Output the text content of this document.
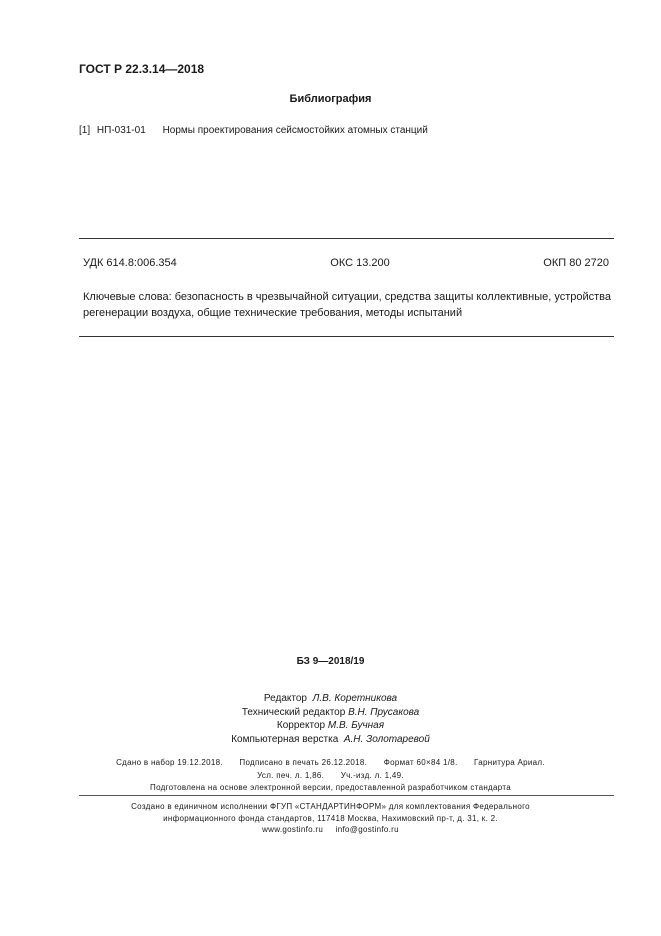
ГОСТ Р 22.3.14—2018
Библиография
[1] НП-031-01 Нормы проектирования сейсмостойких атомных станций
УДК 614.8:006.354	ОКС 13.200	ОКП 80 2720
Ключевые слова: безопасность в чрезвычайной ситуации, средства защиты коллективные, устройства регенерации воздуха, общие технические требования, методы испытаний
БЗ 9—2018/19
Редактор Л.В. Коретникова
Технический редактор В.Н. Прусакова
Корректор М.В. Бучная
Компьютерная верстка А.Н. Золотаревой
Сдано в набор 19.12.2018. Подписано в печать 26.12.2018. Формат 60×84 1/8. Гарнитура Ариал.
Усл. печ. л. 1,86. Уч.-изд. л. 1,49.
Подготовлена на основе электронной версии, предоставленной разработчиком стандарта
Создано в единичном исполнении ФГУП «СТАНДАРТИНФОРМ» для комплектования Федерального
информационного фонда стандартов, 117418 Москва, Нахимовский пр-т, д. 31, к. 2.
www.gostinfo.ru info@gostinfo.ru
